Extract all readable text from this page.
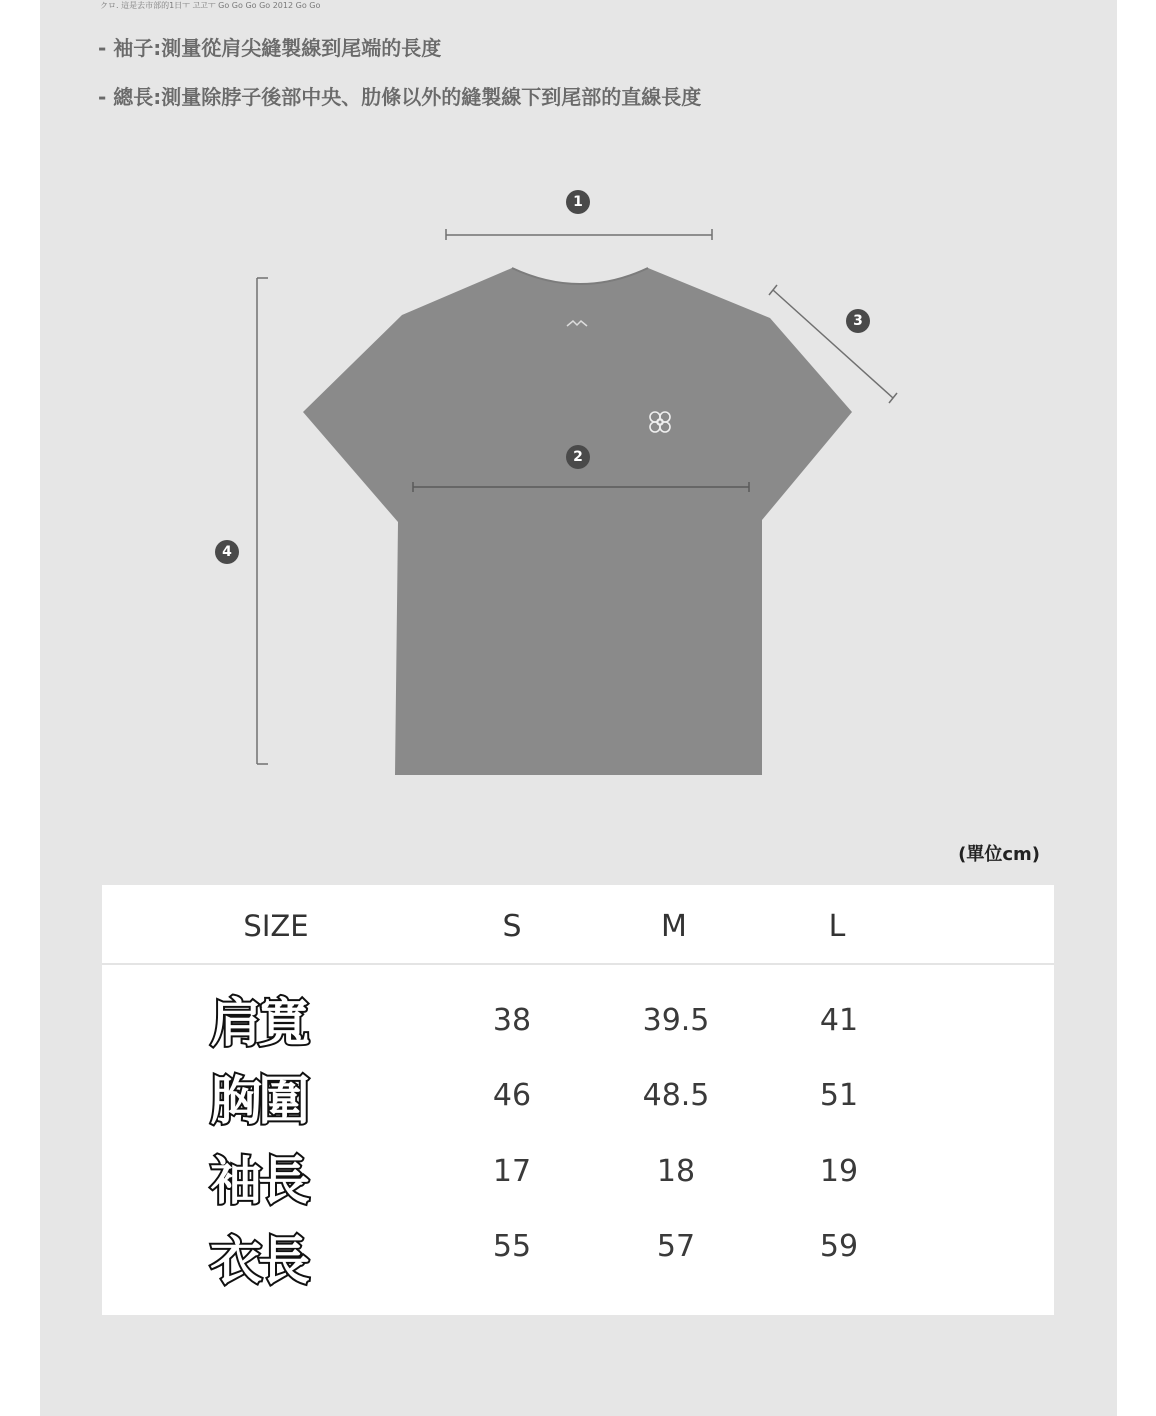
クロ. 這是去市部的1日ㅜ 고고ㅜ Go Go Go Go 2012 Go Go
- 袖子:測量從肩尖縫製線到尾端的長度
- 總長:測量除脖子後部中央、肋條以外的縫製線下到尾部的直線長度
1
2
3
4
(單位cm)
SIZE	S	M	L
肩寬	38	39.5	41
胸圍	46	48.5	51
袖長	17	18	19
衣長	55	57	59
